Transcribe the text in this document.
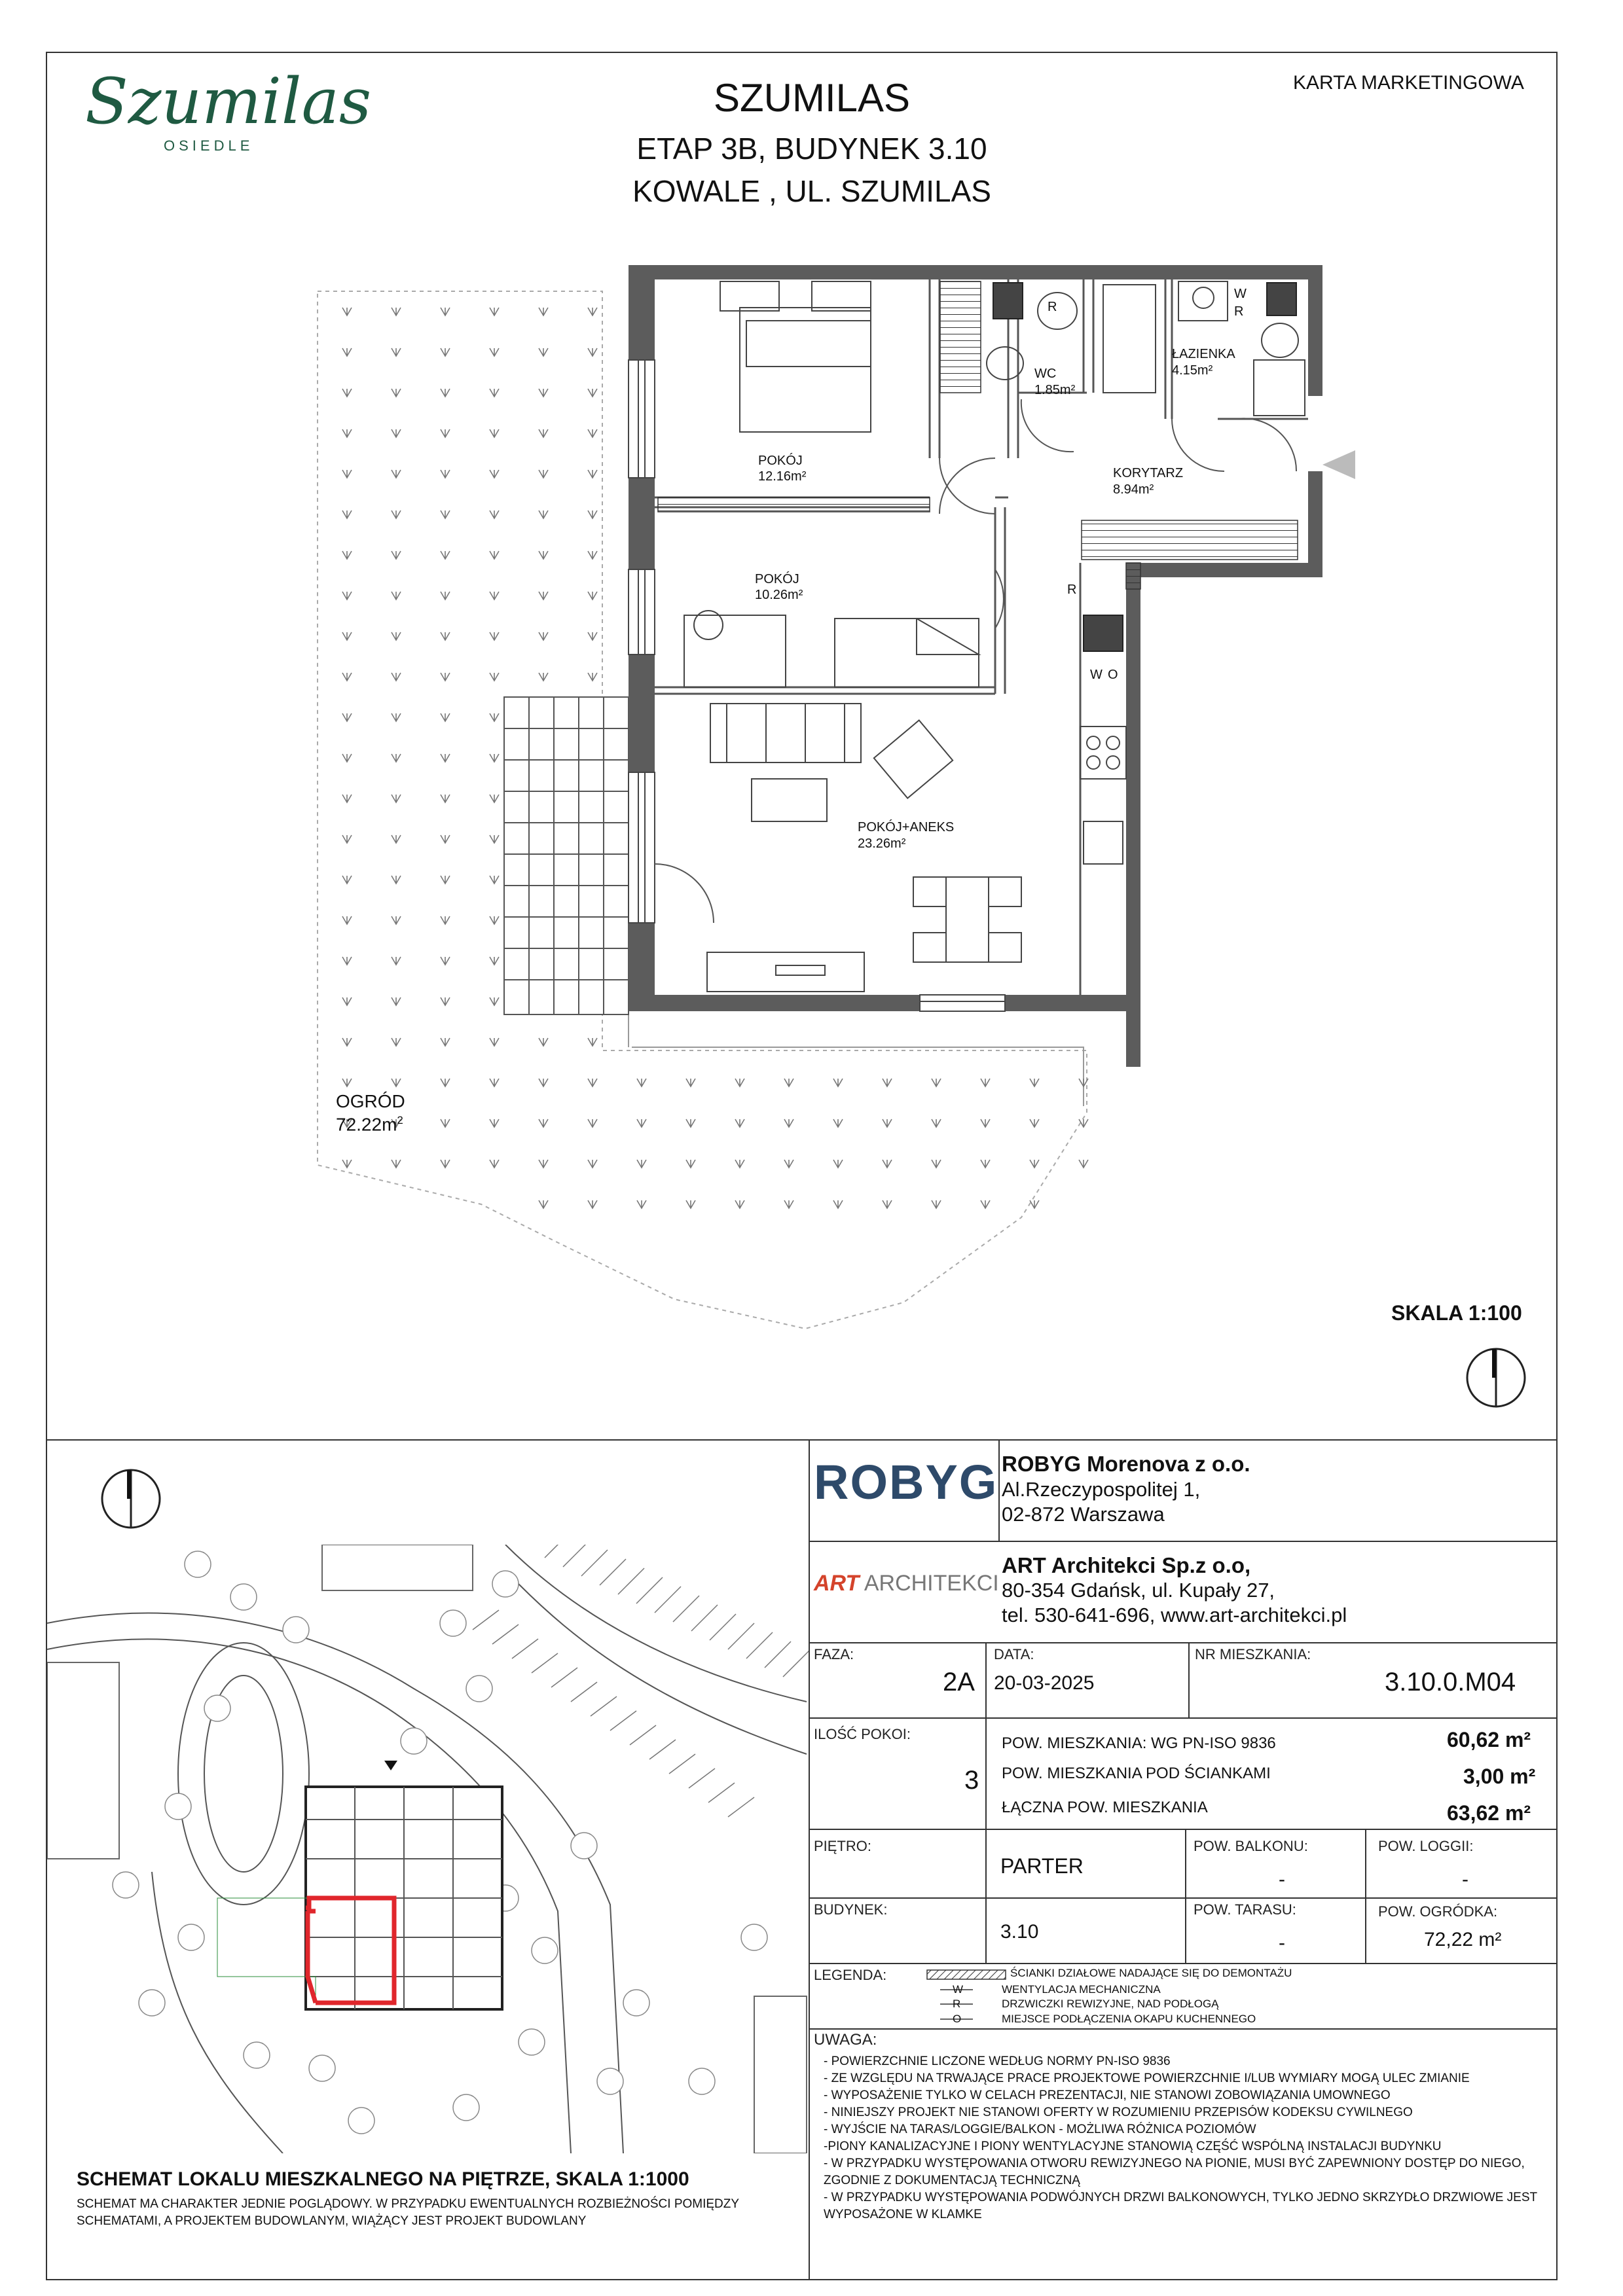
Szumilas
OSIEDLE
SZUMILAS
ETAP 3B, BUDYNEK 3.10
KOWALE , UL. SZUMILAS
KARTA MARKETINGOWA
POKÓJ
12.16m²
WC
1.85m²
ŁAZIENKA
4.15m²
KORYTARZ
8.94m²
POKÓJ
10.26m²
POKÓJ+ANEKS
23.26m²
W
R
R
R
W O
OGRÓD
$72.22m^2$
SKALA 1:100
SCHEMAT LOKALU MIESZKALNEGO NA PIĘTRZE, SKALA 1:1000
SCHEMAT MA CHARAKTER JEDNIE POGLĄDOWY. W PRZYPADKU EWENTUALNYCH ROZBIEŻNOŚCI POMIĘDZY
SCHEMATAMI, A PROJEKTEM BUDOWLANYM, WIĄŻĄCY JEST PROJEKT BUDOWLANY
ROBYG ROBYG Morenova z o.o.
Al.Rzeczypospolitej 1,
02-872 Warszawa
ART ARCHITEKCI
ART Architekci Sp.z o.o,
80-354 Gdańsk, ul. Kupały 27,
tel. 530-641-696, www.art-architekci.pl
FAZA:
2A
DATA:
20-03-2025
NR MIESZKANIA:
3.10.0.M04
ILOŚĆ POKOI:
3
POW. MIESZKANIA: WG PN-ISO 9836	60,62 m²
POW. MIESZKANIA POD ŚCIANKAMI	3,00 m²
ŁĄCZNA POW. MIESZKANIA	63,62 m²
PIĘTRO:
PARTER
POW. BALKONU:
-
POW. LOGGII:
-
BUDYNEK:
3.10
POW. TARASU:
-
POW. OGRÓDKA:
72,22 m²
LEGENDA:	ŚCIANKI DZIAŁOWE NADAJĄCE SIĘ DO DEMONTAŻU
W	WENTYLACJA MECHANICZNA
R	DRZWICZKI REWIZYJNE, NAD PODŁOGĄ
O	MIEJSCE PODŁĄCZENIA OKAPU KUCHENNEGO
UWAGA:
- POWIERZCHNIE LICZONE WEDŁUG NORMY PN-ISO 9836
- ZE WZGLĘDU NA TRWAJĄCE PRACE PROJEKTOWE POWIERZCHNIE I/LUB WYMIARY MOGĄ ULEC ZMIANIE
- WYPOSAŻENIE TYLKO W CELACH PREZENTACJI, NIE STANOWI ZOBOWIĄZANIA UMOWNEGO
- NINIEJSZY PROJEKT NIE STANOWI OFERTY W ROZUMIENIU PRZEPISÓW KODEKSU CYWILNEGO
- WYJŚCIE NA TARAS/LOGGIE/BALKON - MOŻLIWA RÓŻNICA POZIOMÓW
-PIONY KANALIZACYJNE I PIONY WENTYLACYJNE STANOWIĄ CZĘŚĆ WSPÓLNĄ INSTALACJI BUDYNKU
- W PRZYPADKU WYSTĘPOWANIA OTWORU REWIZYJNEGO NA PIONIE, MUSI BYĆ ZAPEWNIONY DOSTĘP DO NIEGO,
ZGODNIE Z DOKUMENTACJĄ TECHNICZNĄ
- W PRZYPADKU WYSTĘPOWANIA PODWÓJNYCH DRZWI BALKONOWYCH, TYLKO JEDNO SKRZYDŁO DRZWIOWE JEST
WYPOSAŻONE W KLAMKE
